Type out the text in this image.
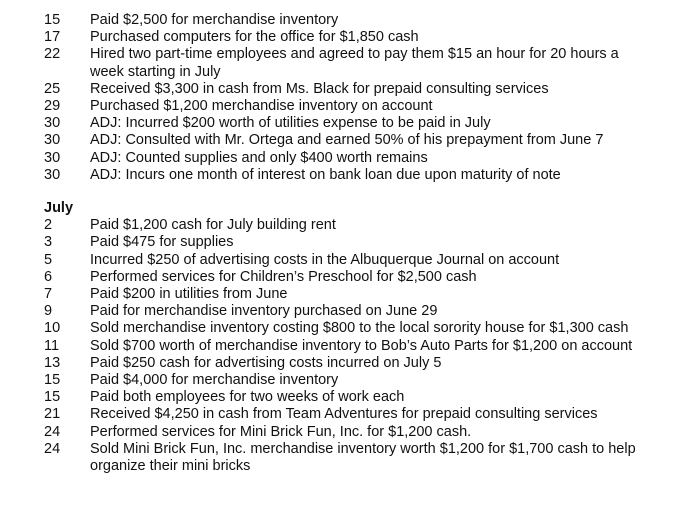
15	Paid $2,500 for merchandise inventory
17	Purchased computers for the office for $1,850 cash
22	Hired two part-time employees and agreed to pay them $15 an hour for 20 hours a week starting in July
25	Received $3,300 in cash from Ms. Black for prepaid consulting services
29	Purchased $1,200 merchandise inventory on account
30	ADJ: Incurred $200 worth of utilities expense to be paid in July
30	ADJ: Consulted with Mr. Ortega and earned 50% of his prepayment from June 7
30	ADJ: Counted supplies and only $400 worth remains
30	ADJ: Incurs one month of interest on bank loan due upon maturity of note
July
2	Paid $1,200 cash for July building rent
3	Paid $475 for supplies
5	Incurred $250 of advertising costs in the Albuquerque Journal on account
6	Performed services for Children’s Preschool for $2,500 cash
7	Paid $200 in utilities from June
9	Paid for merchandise inventory purchased on June 29
10	Sold merchandise inventory costing $800 to the local sorority house for $1,300 cash
11	Sold $700 worth of merchandise inventory to Bob’s Auto Parts for $1,200 on account
13	Paid $250 cash for advertising costs incurred on July 5
15	Paid $4,000 for merchandise inventory
15	Paid both employees for two weeks of work each
21	Received $4,250 in cash from Team Adventures for prepaid consulting services
24	Performed services for Mini Brick Fun, Inc. for $1,200 cash.
24	Sold Mini Brick Fun, Inc. merchandise inventory worth $1,200 for $1,700 cash to help organize their mini bricks
